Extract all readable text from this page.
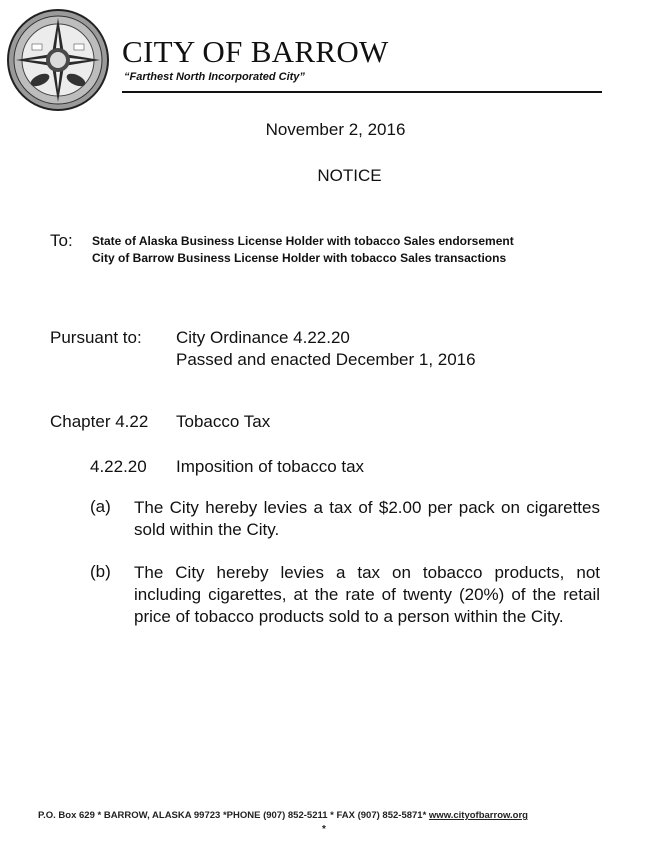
CITY OF BARROW
“Farthest North Incorporated City”
November 2, 2016
NOTICE
To: State of Alaska Business License Holder with tobacco Sales endorsement
City of Barrow Business License Holder with tobacco Sales transactions
Pursuant to: City Ordinance 4.22.20
Passed and enacted December 1, 2016
Chapter 4.22 Tobacco Tax
4.22.20 Imposition of tobacco tax
(a) The City hereby levies a tax of $2.00 per pack on cigarettes sold within the City.
(b) The City hereby levies a tax on tobacco products, not including cigarettes, at the rate of twenty (20%) of the retail price of tobacco products sold to a person within the City.
P.O. Box 629 * BARROW, ALASKA 99723 *PHONE (907) 852-5211 * FAX (907) 852-5871* www.cityofbarrow.org
*
